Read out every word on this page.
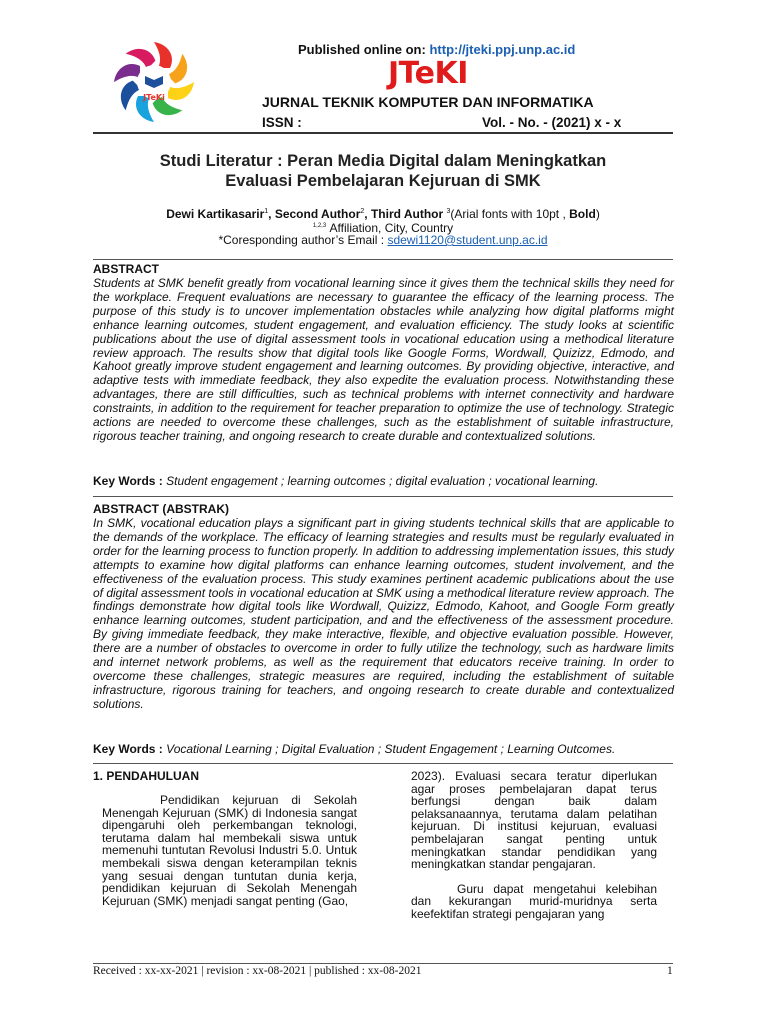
JTeKi
Published online on: http://jteki.ppj.unp.ac.id
JTeKI
JURNAL TEKNIK KOMPUTER DAN INFORMATIKA
ISSN :	Vol. - No. - (2021) x - x
Studi Literatur : Peran Media Digital dalam Meningkatkan
Evaluasi Pembelajaran Kejuruan di SMK
Dewi Kartikasarir$^1$, Second Author$^2$, Third Author $^3$(Arial fonts with 10pt , Bold)
$^{1,2,3}$ Affiliation, City, Country
*Coresponding author’s Email : sdewi1120@student.unp.ac.id
ABSTRACT
Students at SMK benefit greatly from vocational learning since it gives them the technical skills they need for the workplace. Frequent evaluations are necessary to guarantee the efficacy of the learning process. The purpose of this study is to uncover implementation obstacles while analyzing how digital platforms might enhance learning outcomes, student engagement, and evaluation efficiency. The study looks at scientific publications about the use of digital assessment tools in vocational education using a methodical literature review approach. The results show that digital tools like Google Forms, Wordwall, Quizizz, Edmodo, and Kahoot greatly improve student engagement and learning outcomes. By providing objective, interactive, and adaptive tests with immediate feedback, they also expedite the evaluation process. Notwithstanding these advantages, there are still difficulties, such as technical problems with internet connectivity and hardware constraints, in addition to the requirement for teacher preparation to optimize the use of technology. Strategic actions are needed to overcome these challenges, such as the establishment of suitable infrastructure, rigorous teacher training, and ongoing research to create durable and contextualized solutions.
Key Words : Student engagement ; learning outcomes ; digital evaluation ; vocational learning.
ABSTRACT (ABSTRAK)
In SMK, vocational education plays a significant part in giving students technical skills that are applicable to the demands of the workplace. The efficacy of learning strategies and results must be regularly evaluated in order for the learning process to function properly. In addition to addressing implementation issues, this study attempts to examine how digital platforms can enhance learning outcomes, student involvement, and the effectiveness of the evaluation process. This study examines pertinent academic publications about the use of digital assessment tools in vocational education at SMK using a methodical literature review approach. The findings demonstrate how digital tools like Wordwall, Quizizz, Edmodo, Kahoot, and Google Form greatly enhance learning outcomes, student participation, and and the effectiveness of the assessment procedure. By giving immediate feedback, they make interactive, flexible, and objective evaluation possible. However, there are a number of obstacles to overcome in order to fully utilize the technology, such as hardware limits and internet network problems, as well as the requirement that educators receive training. In order to overcome these challenges, strategic measures are required, including the establishment of suitable infrastructure, rigorous training for teachers, and ongoing research to create durable and contextualized solutions.
Key Words : Vocational Learning ; Digital Evaluation ; Student Engagement ; Learning Outcomes.
1. PENDAHULUAN

Pendidikan kejuruan di Sekolah Menengah Kejuruan (SMK) di Indonesia sangat dipengaruhi oleh perkembangan teknologi, terutama dalam hal membekali siswa untuk memenuhi tuntutan Revolusi Industri 5.0. Untuk membekali siswa dengan keterampilan teknis yang sesuai dengan tuntutan dunia kerja, pendidikan kejuruan di Sekolah Menengah Kejuruan (SMK) menjadi sangat penting (Gao,

2023). Evaluasi secara teratur diperlukan agar proses pembelajaran dapat terus berfungsi dengan baik dalam pelaksanaannya, terutama dalam pelatihan kejuruan. Di institusi kejuruan, evaluasi pembelajaran sangat penting untuk meningkatkan standar pendidikan yang meningkatkan standar pengajaran.

Guru dapat mengetahui kelebihan dan kekurangan murid-muridnya serta keefektifan strategi pengajaran yang

Received : xx-xx-2021 | revision : xx-08-2021 | published : xx-08-2021	1
